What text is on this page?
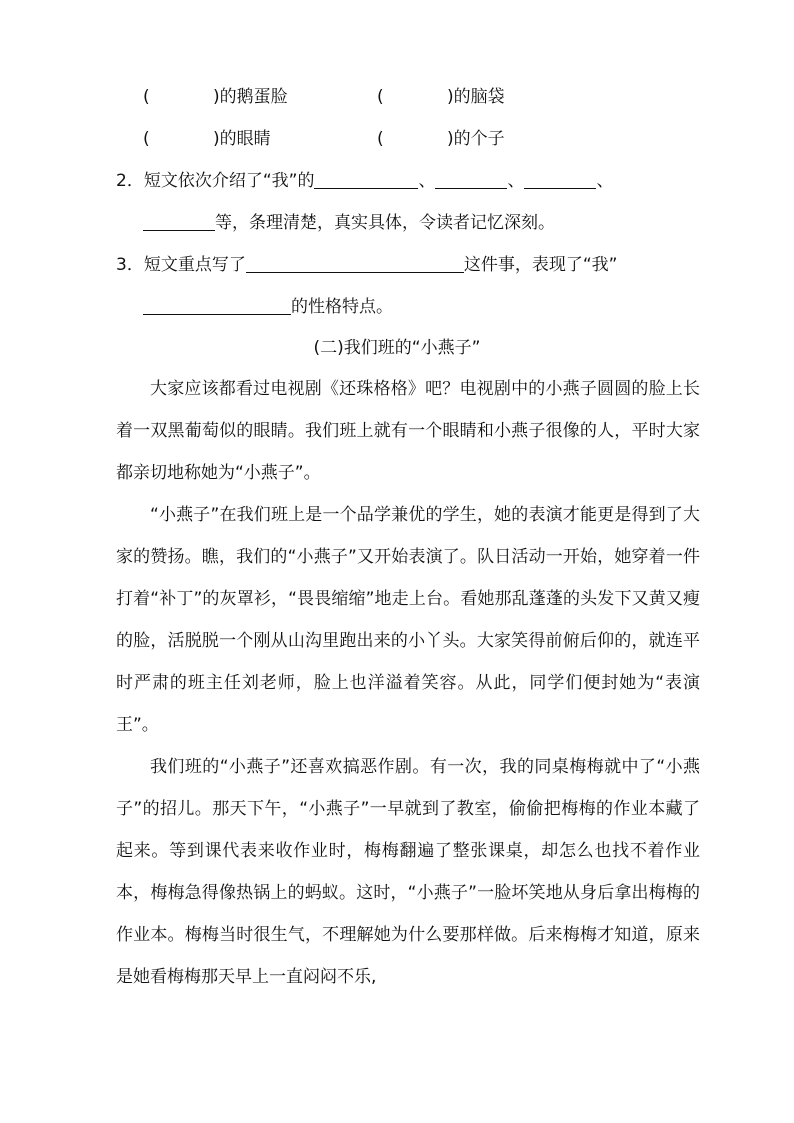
(	)的鹅蛋脸	(	)的脑袋
(	)的眼睛	(	)的个子
2．短文依次介绍了“我”的	、	、	、
等，条理清楚，真实具体，令读者记忆深刻。
3．短文重点写了	这件事，表现了“我”
的性格特点。
(二)我们班的“小燕子”

大家应该都看过电视剧《还珠格格》吧？电视剧中的小燕子圆圆的脸上长着一双黑葡萄似的眼睛。我们班上就有一个眼睛和小燕子很像的人，平时大家都亲切地称她为“小燕子”。

“小燕子”在我们班上是一个品学兼优的学生，她的表演才能更是得到了大家的赞扬。瞧，我们的“小燕子”又开始表演了。队日活动一开始，她穿着一件打着“补丁”的灰罩衫，“畏畏缩缩”地走上台。看她那乱蓬蓬的头发下又黄又瘦的脸，活脱脱一个刚从山沟里跑出来的小丫头。大家笑得前俯后仰的，就连平时严肃的班主任刘老师，脸上也洋溢着笑容。从此，同学们便封她为“表演王”。

我们班的“小燕子”还喜欢搞恶作剧。有一次，我的同桌梅梅就中了“小燕子”的招儿。那天下午，“小燕子”一早就到了教室，偷偷把梅梅的作业本藏了起来。等到课代表来收作业时，梅梅翻遍了整张课桌，却怎么也找不着作业本，梅梅急得像热锅上的蚂蚁。这时，“小燕子”一脸坏笑地从身后拿出梅梅的作业本。梅梅当时很生气，不理解她为什么要那样做。后来梅梅才知道，原来是她看梅梅那天早上一直闷闷不乐,
